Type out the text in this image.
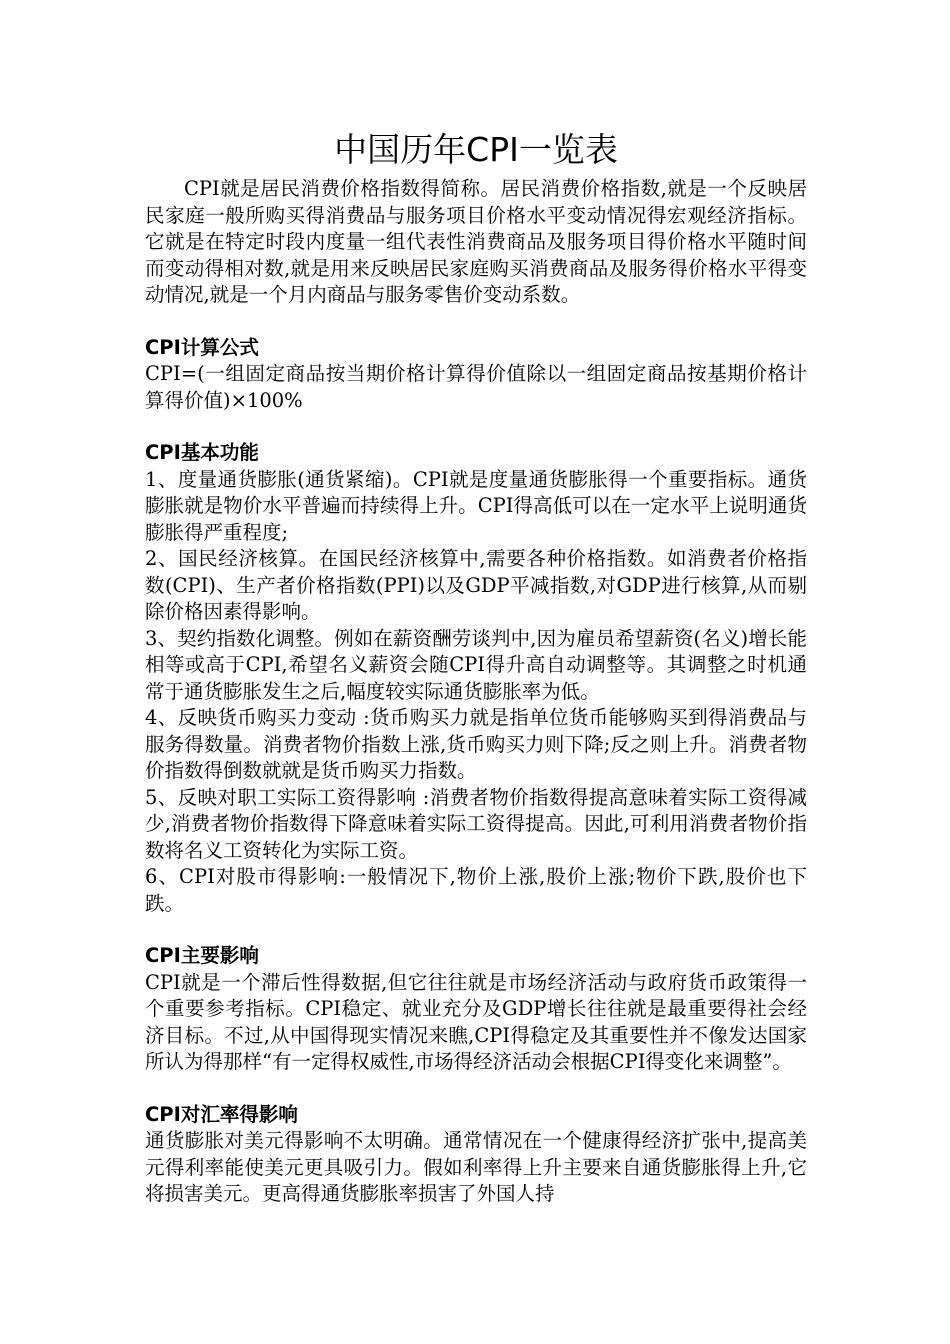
中国历年CPI一览表

CPI就是居民消费价格指数得简称。居民消费价格指数,就是一个反映居民家庭一般所购买得消费品与服务项目价格水平变动情况得宏观经济指标。它就是在特定时段内度量一组代表性消费商品及服务项目得价格水平随时间而变动得相对数,就是用来反映居民家庭购买消费商品及服务得价格水平得变动情况,就是一个月内商品与服务零售价变动系数。

CPI计算公式

CPI=(一组固定商品按当期价格计算得价值除以一组固定商品按基期价格计算得价值)×100%

CPI基本功能

1、度量通货膨胀(通货紧缩)。CPI就是度量通货膨胀得一个重要指标。通货膨胀就是物价水平普遍而持续得上升。CPI得高低可以在一定水平上说明通货膨胀得严重程度;

2、国民经济核算。在国民经济核算中,需要各种价格指数。如消费者价格指数(CPI)、生产者价格指数(PPI)以及GDP平减指数,对GDP进行核算,从而剔除价格因素得影响。

3、契约指数化调整。例如在薪资酬劳谈判中,因为雇员希望薪资(名义)增长能相等或高于CPI,希望名义薪资会随CPI得升高自动调整等。其调整之时机通常于通货膨胀发生之后,幅度较实际通货膨胀率为低。

4、反映货币购买力变动 :货币购买力就是指单位货币能够购买到得消费品与服务得数量。消费者物价指数上涨,货币购买力则下降;反之则上升。消费者物价指数得倒数就就是货币购买力指数。

5、反映对职工实际工资得影响 :消费者物价指数得提高意味着实际工资得减少,消费者物价指数得下降意味着实际工资得提高。因此,可利用消费者物价指数将名义工资转化为实际工资。

6、CPI对股市得影响:一般情况下,物价上涨,股价上涨;物价下跌,股价也下跌。

CPI主要影响

CPI就是一个滞后性得数据,但它往往就是市场经济活动与政府货币政策得一个重要参考指标。CPI稳定、就业充分及GDP增长往往就是最重要得社会经济目标。不过,从中国得现实情况来瞧,CPI得稳定及其重要性并不像发达国家所认为得那样“有一定得权威性,市场得经济活动会根据CPI得变化来调整”。

CPI对汇率得影响

通货膨胀对美元得影响不太明确。通常情况在一个健康得经济扩张中,提高美元得利率能使美元更具吸引力。假如利率得上升主要来自通货膨胀得上升,它将损害美元。更高得通货膨胀率损害了外国人持
